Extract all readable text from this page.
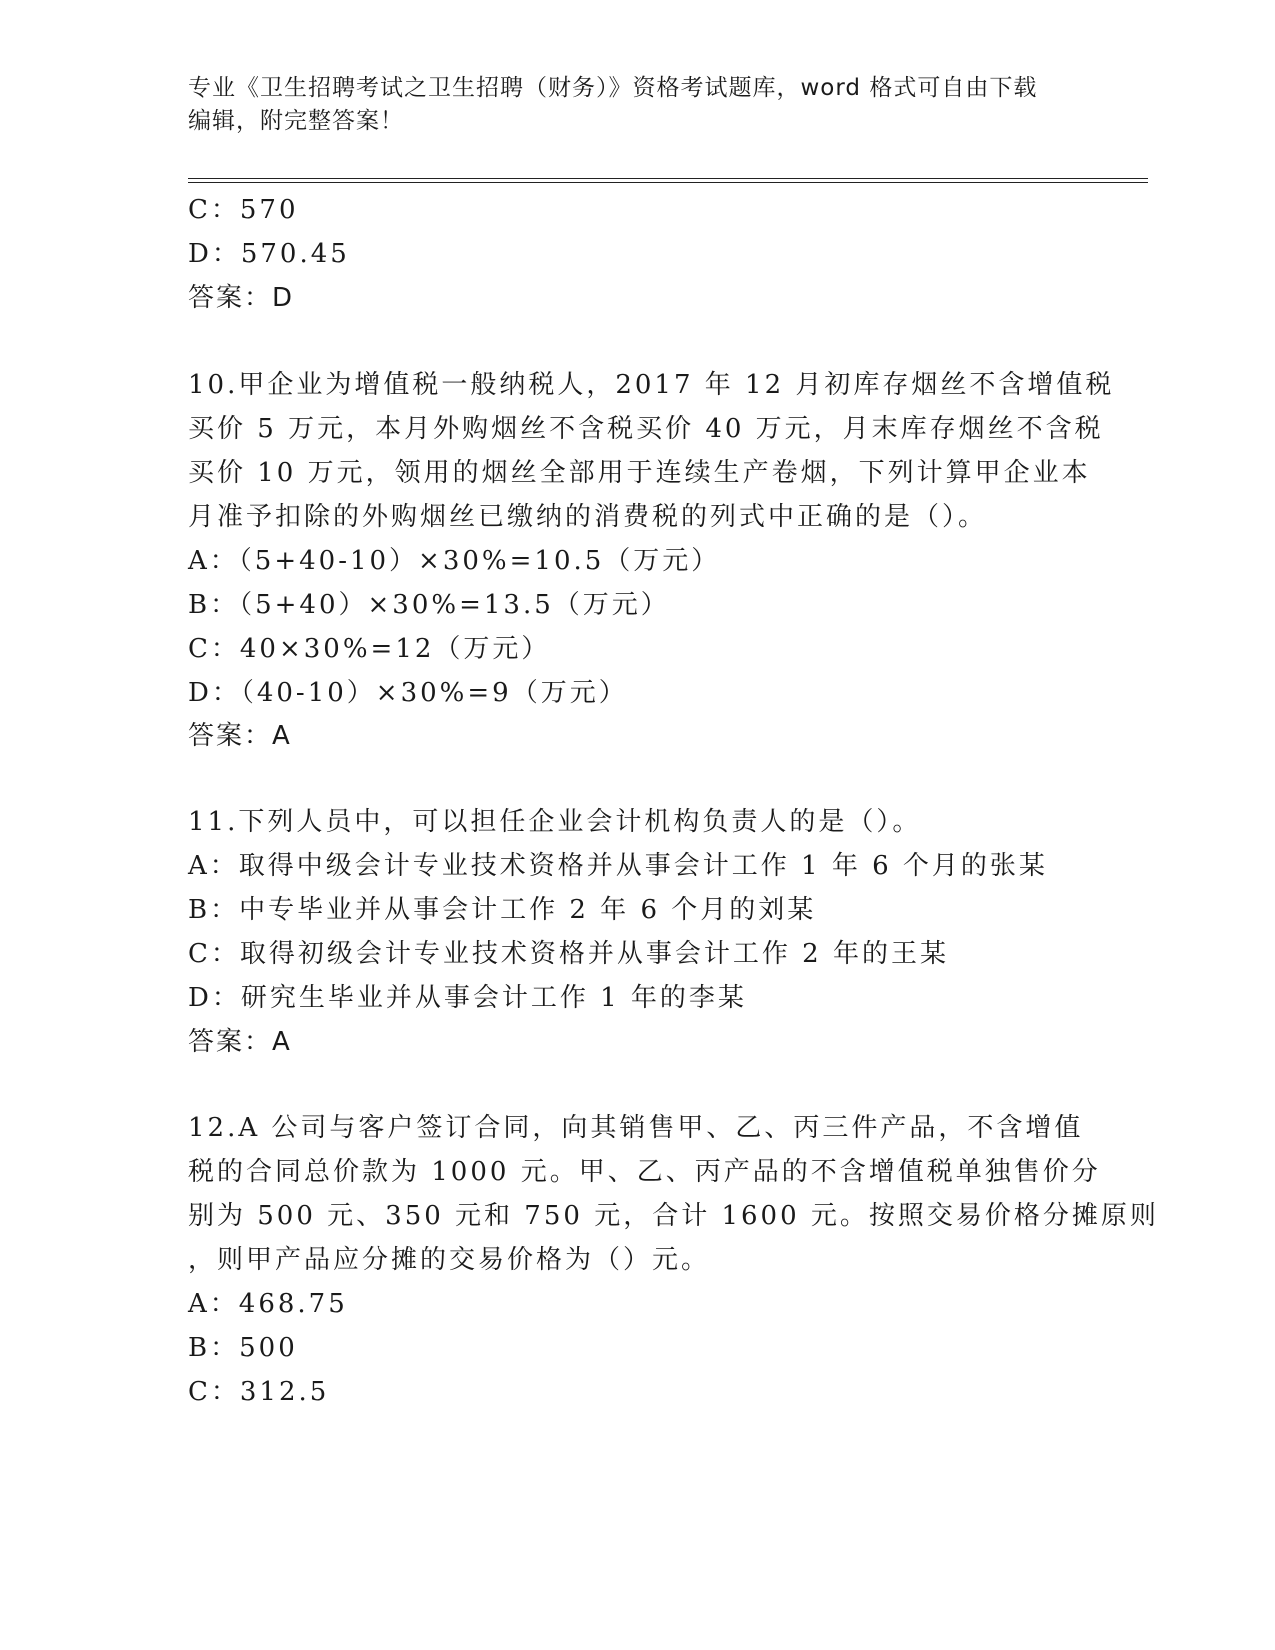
专业《卫生招聘考试之卫生招聘（财务）》资格考试题库，word 格式可自由下载
编辑，附完整答案！
C：570
D：570.45
答案：D
10.甲企业为增值税一般纳税人，2017 年 12 月初库存烟丝不含增值税
买价 5 万元，本月外购烟丝不含税买价 40 万元，月末库存烟丝不含税
买价 10 万元，领用的烟丝全部用于连续生产卷烟，下列计算甲企业本
月准予扣除的外购烟丝已缴纳的消费税的列式中正确的是（）。
A：（5+40-10）×30%=10.5（万元）
B：（5+40）×30%=13.5（万元）
C：40×30%=12（万元）
D：（40-10）×30%=9（万元）
答案：A
11.下列人员中，可以担任企业会计机构负责人的是（）。
A：取得中级会计专业技术资格并从事会计工作 1 年 6 个月的张某
B：中专毕业并从事会计工作 2 年 6 个月的刘某
C：取得初级会计专业技术资格并从事会计工作 2 年的王某
D：研究生毕业并从事会计工作 1 年的李某
答案：A
12.A 公司与客户签订合同，向其销售甲、乙、丙三件产品，不含增值
税的合同总价款为 1000 元。甲、乙、丙产品的不含增值税单独售价分
别为 500 元、350 元和 750 元，合计 1600 元。按照交易价格分摊原则
，则甲产品应分摊的交易价格为（）元。
A：468.75
B：500
C：312.5
